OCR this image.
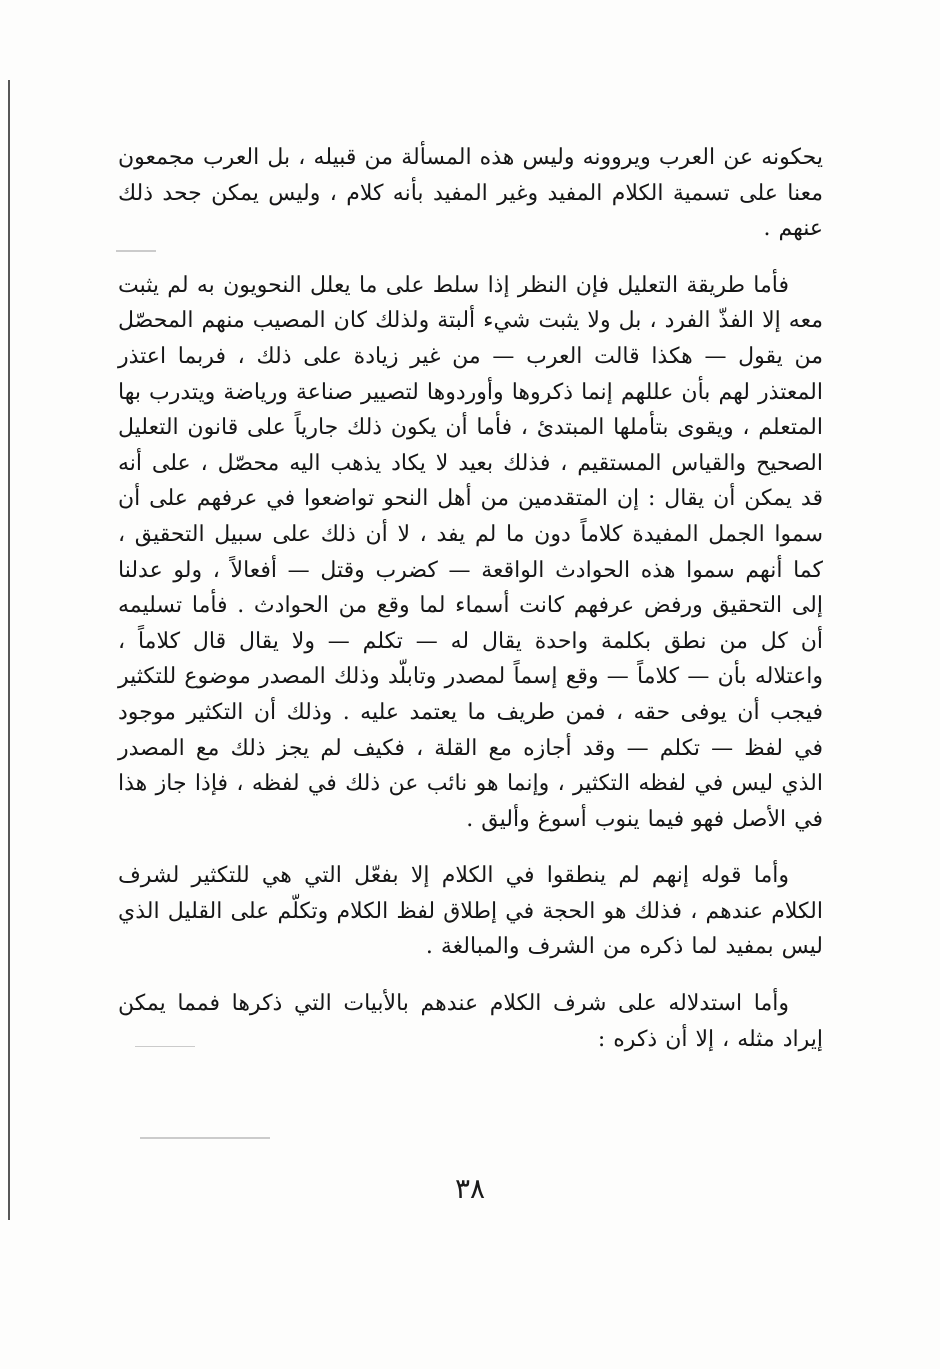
يحكونه عن العرب ويروونه وليس هذه المسألة من قبيله ، بل العرب مجمعون معنا على تسمية الكلام المفيد وغير المفيد بأنه كلام ، وليس يمكن جحد ذلك عنهم .

فأما طريقة التعليل فإن النظر إذا سلط على ما يعلل النحويون به لم يثبت معه إلا الفذّ الفرد ، بل ولا يثبت شيء ألبتة ولذلك كان المصيب منهم المحصّل من يقول — هكذا قالت العرب — من غير زيادة على ذلك ، فربما اعتذر المعتذر لهم بأن عللهم إنما ذكروها وأوردوها لتصيير صناعة ورياضة ويتدرب بها المتعلم ، ويقوى بتأملها المبتدئ ، فأما أن يكون ذلك جارياً على قانون التعليل الصحيح والقياس المستقيم ، فذلك بعيد لا يكاد يذهب اليه محصّل ، على أنه قد يمكن أن يقال : إن المتقدمين من أهل النحو تواضعوا في عرفهم على أن سموا الجمل المفيدة كلاماً دون ما لم يفد ، لا أن ذلك على سبيل التحقيق ، كما أنهم سموا هذه الحوادث الواقعة — كضرب وقتل — أفعالاً ، ولو عدلنا إلى التحقيق ورفض عرفهم كانت أسماء لما وقع من الحوادث . فأما تسليمه أن كل من نطق بكلمة واحدة يقال له — تكلم — ولا يقال قال كلاماً ، واعتلاله بأن — كلاماً — وقع إسماً لمصدر وتابلّد وذلك المصدر موضوع للتكثير فيجب أن يوفى حقه ، فمن طريف ما يعتمد عليه . وذلك أن التكثير موجود في لفظ — تكلم — وقد أجازه مع القلة ، فكيف لم يجز ذلك مع المصدر الذي ليس في لفظه التكثير ، وإنما هو نائب عن ذلك في لفظه ، فإذا جاز هذا في الأصل فهو فيما ينوب أسوغ وأليق .

وأما قوله إنهم لم ينطقوا في الكلام إلا بفعّل التي هي للتكثير لشرف الكلام عندهم ، فذلك هو الحجة في إطلاق لفظ الكلام وتكلّم على القليل الذي ليس بمفيد لما ذكره من الشرف والمبالغة .

وأما استدلاله على شرف الكلام عندهم بالأبيات التي ذكرها فمما يمكن إيراد مثله ، إلا أن ذكره :

٣٨
